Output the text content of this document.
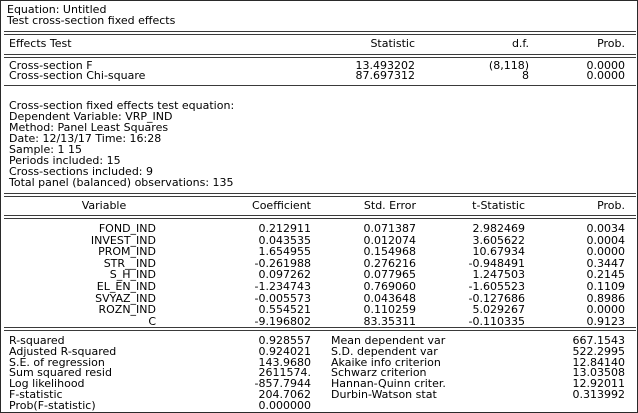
Equation: Untitled
Test cross-section fixed effects
Effects Test	Statistic	d.f.	Prob.
Cross-section F	13.493202	(8,118)	0.0000
Cross-section Chi-square	87.697312	8	0.0000
Cross-section fixed effects test equation:
Dependent Variable: VRP_IND
Method: Panel Least Squares
Date: 12/13/17 Time: 16:28
Sample: 1 15
Periods included: 15
Cross-sections included: 9
Total panel (balanced) observations: 135
Variable	Coefficient	Std. Error	t-Statistic	Prob.
FOND_IND	0.212911	0.071387	2.982469	0.0034
INVEST_IND	0.043535	0.012074	3.605622	0.0004
PROM_IND	1.654955	0.154968	10.67934	0.0000
STR__IND	-0.261988	0.276216	-0.948491	0.3447
S_H_IND	0.097262	0.077965	1.247503	0.2145
EL_EN_IND	-1.234743	0.769060	-1.605523	0.1109
SVYAZ_IND	-0.005573	0.043648	-0.127686	0.8986
ROZN_IND	0.554521	0.110259	5.029267	0.0000
C	-9.196802	83.35311	-0.110335	0.9123
R-squared	0.928557 Mean dependent var	667.1543
Adjusted R-squared	0.924021 S.D. dependent var	522.2995
S.E. of regression	143.9680 Akaike info criterion	12.84140
Sum squared resid	2611574. Schwarz criterion	13.03508
Log likelihood	-857.7944 Hannan-Quinn criter.	12.92011
F-statistic	204.7062 Durbin-Watson stat	0.313992
Prob(F-statistic)	0.000000
